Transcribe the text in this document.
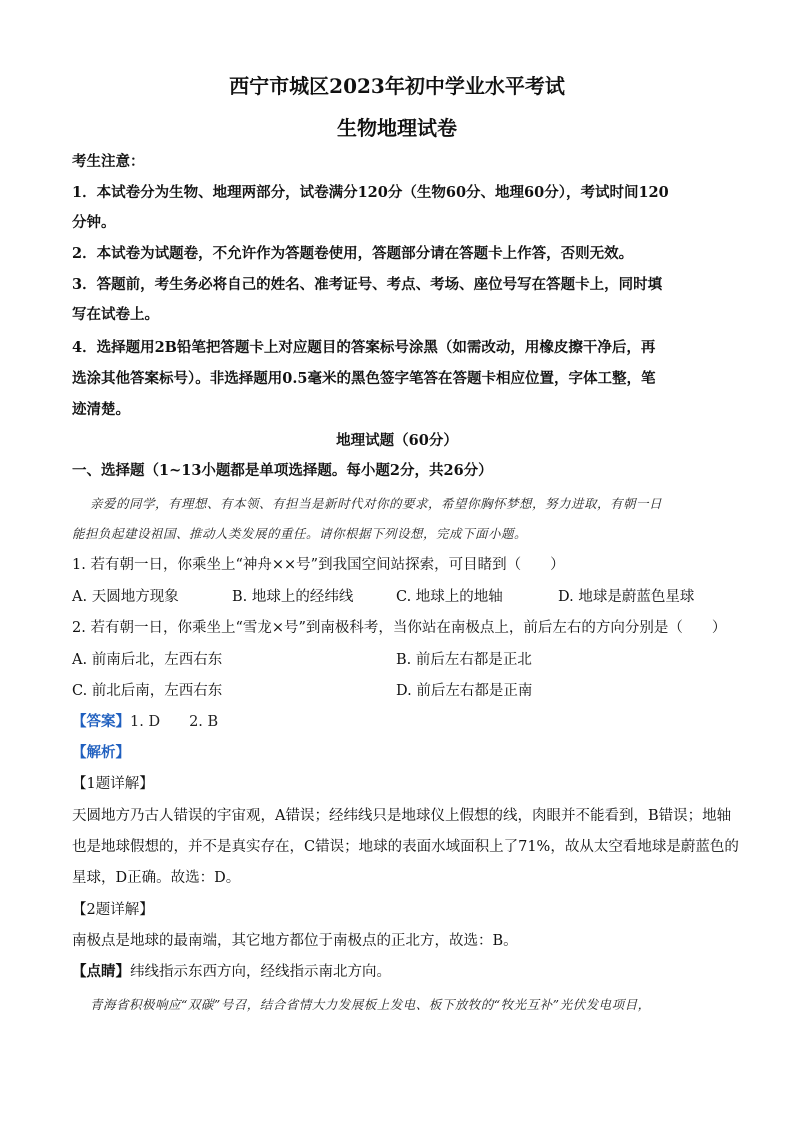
西宁市城区2023年初中学业水平考试
生物地理试卷
考生注意：
1．本试卷分为生物、地理两部分，试卷满分120分（生物60分、地理60分），考试时间120
分钟。
2．本试卷为试题卷，不允许作为答题卷使用，答题部分请在答题卡上作答，否则无效。
3．答题前，考生务必将自己的姓名、准考证号、考点、考场、座位号写在答题卡上，同时填
写在试卷上。
4．选择题用2B铅笔把答题卡上对应题目的答案标号涂黑（如需改动，用橡皮擦干净后，再
选涂其他答案标号）。非选择题用0.5毫米的黑色签字笔答在答题卡相应位置，字体工整，笔
迹清楚。
地理试题（60分）
一、选择题（1~13小题都是单项选择题。每小题2分，共26分）
亲爱的同学，有理想、有本领、有担当是新时代对你的要求，希望你胸怀梦想，努力进取，有朝一日
能担负起建设祖国、推动人类发展的重任。请你根据下列设想，完成下面小题。
1. 若有朝一日，你乘坐上“神舟××号”到我国空间站探索，可目睹到（　　）
A. 天圆地方现象	B. 地球上的经纬线	C. 地球上的地轴	D. 地球是蔚蓝色星球
2. 若有朝一日，你乘坐上“雪龙×号”到南极科考，当你站在南极点上，前后左右的方向分别是（　　）
A. 前南后北，左西右东	B. 前后左右都是正北
C. 前北后南，左西右东	D. 前后左右都是正南
【答案】1. D　　2. B
【解析】
【1题详解】
天圆地方乃古人错误的宇宙观，A错误；经纬线只是地球仪上假想的线，肉眼并不能看到，B错误；地轴
也是地球假想的，并不是真实存在，C错误；地球的表面水域面积上了71%，故从太空看地球是蔚蓝色的
星球，D正确。故选：D。
【2题详解】
南极点是地球的最南端，其它地方都位于南极点的正北方，故选：B。
【点睛】纬线指示东西方向，经线指示南北方向。
青海省积极响应“双碳”号召，结合省情大力发展板上发电、板下放牧的“牧光互补”光伏发电项目，
